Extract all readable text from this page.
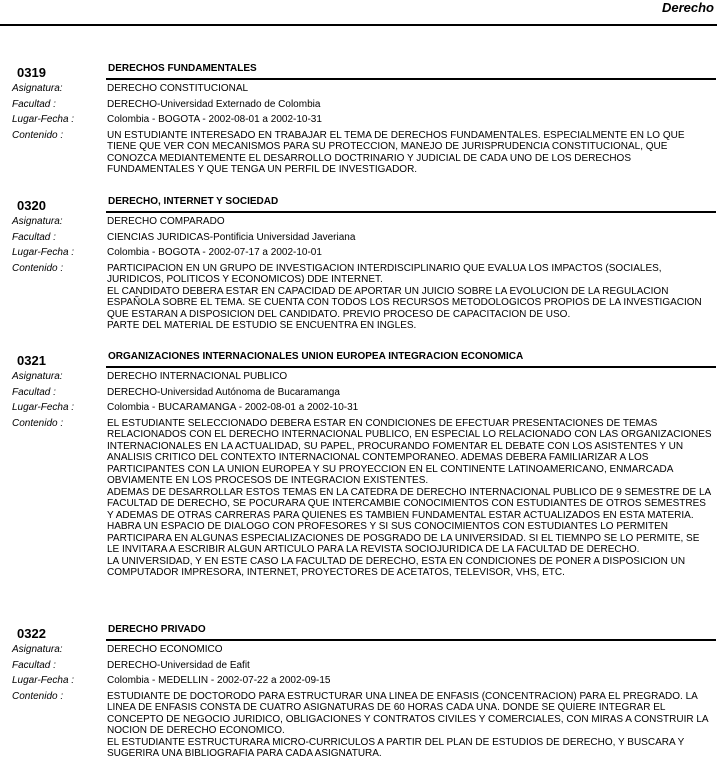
Derecho
0319	DERECHOS FUNDAMENTALES
Asignatura:	DERECHO CONSTITUCIONAL
Facultad :	DERECHO-Universidad Externado de Colombia
Lugar-Fecha :	Colombia - BOGOTA - 2002-08-01 a 2002-10-31
Contenido :	UN ESTUDIANTE INTERESADO EN TRABAJAR EL TEMA DE DERECHOS FUNDAMENTALES. ESPECIALMENTE EN LO QUE TIENE QUE VER CON MECANISMOS PARA SU PROTECCION, MANEJO DE JURISPRUDENCIA CONSTITUCIONAL, QUE CONOZCA MEDIANTEMENTE EL DESARROLLO DOCTRINARIO Y JUDICIAL DE CADA UNO DE LOS DERECHOS FUNDAMENTALES Y QUE TENGA UN PERFIL DE INVESTIGADOR.

0320	DERECHO, INTERNET Y SOCIEDAD
Asignatura:	DERECHO COMPARADO
Facultad :	CIENCIAS JURIDICAS-Pontificia Universidad Javeriana
Lugar-Fecha :	Colombia - BOGOTA - 2002-07-17 a 2002-10-01
Contenido :	PARTICIPACION EN UN GRUPO DE INVESTIGACION INTERDISCIPLINARIO QUE EVALUA LOS IMPACTOS (SOCIALES, JURIDICOS, POLITICOS Y ECONOMICOS) DDE INTERNET.

EL CANDIDATO DEBERA ESTAR EN CAPACIDAD DE APORTAR UN JUICIO SOBRE LA EVOLUCION DE LA REGULACION ESPAÑOLA SOBRE EL TEMA. SE CUENTA CON TODOS LOS RECURSOS METODOLOGICOS PROPIOS DE LA INVESTIGACION QUE ESTARAN A DISPOSICION DEL CANDIDATO. PREVIO PROCESO DE CAPACITACION DE USO.

PARTE DEL MATERIAL DE ESTUDIO SE ENCUENTRA EN INGLES.

0321	ORGANIZACIONES INTERNACIONALES UNION EUROPEA INTEGRACION ECONOMICA
Asignatura:	DERECHO INTERNACIONAL PUBLICO
Facultad :	DERECHO-Universidad Autónoma de Bucaramanga
Lugar-Fecha :	Colombia - BUCARAMANGA - 2002-08-01 a 2002-10-31
Contenido :	EL ESTUDIANTE SELECCIONADO DEBERA ESTAR EN CONDICIONES DE EFECTUAR PRESENTACIONES DE TEMAS RELACIONADOS CON EL DERECHO INTERNACIONAL PUBLICO, EN ESPECIAL LO RELACIONADO CON LAS ORGANIZACIONES INTERNACIONALES EN LA ACTUALIDAD, SU PAPEL, PROCURANDO FOMENTAR EL DEBATE CON LOS ASISTENTES Y UN ANALISIS CRITICO DEL CONTEXTO INTERNACIONAL CONTEMPORANEO. ADEMAS DEBERA FAMILIARIZAR A LOS PARTICIPANTES CON LA UNION EUROPEA Y SU PROYECCION EN EL CONTINENTE LATINOAMERICANO, ENMARCADA OBVIAMENTE EN LOS PROCESOS DE INTEGRACION EXISTENTES.

ADEMAS DE DESARROLLAR ESTOS TEMAS EN LA CATEDRA DE DERECHO INTERNACIONAL PUBLICO DE 9 SEMESTRE DE LA FACULTAD DE DERECHO, SE POCURARA QUE INTERCAMBIE CONOCIMIENTOS CON ESTUDIANTES DE OTROS SEMESTRES Y ADEMAS DE OTRAS CARRERAS PARA QUIENES ES TAMBIEN FUNDAMENTAL ESTAR ACTUALIZADOS EN ESTA MATERIA. HABRA UN ESPACIO DE DIALOGO CON PROFESORES Y SI SUS CONOCIMIENTOS CON ESTUDIANTES LO PERMITEN PARTICIPARA EN ALGUNAS ESPECIALIZACIONES DE POSGRADO DE LA UNIVERSIDAD. SI EL TIEMNPO SE LO PERMITE, SE LE INVITARA A ESCRIBIR ALGUN ARTICULO PARA LA REVISTA SOCIOJURIDICA DE LA FACULTAD DE DERECHO.

LA UNIVERSIDAD, Y EN ESTE CASO LA FACULTAD DE DERECHO, ESTA EN CONDICIONES DE PONER A DISPOSICION UN COMPUTADOR IMPRESORA, INTERNET, PROYECTORES DE ACETATOS, TELEVISOR, VHS, ETC.

0322	DERECHO PRIVADO
Asignatura:	DERECHO ECONOMICO
Facultad :	DERECHO-Universidad de Eafit
Lugar-Fecha :	Colombia - MEDELLIN - 2002-07-22 a 2002-09-15
Contenido :	ESTUDIANTE DE DOCTORODO PARA ESTRUCTURAR UNA LINEA DE ENFASIS (CONCENTRACION) PARA EL PREGRADO. LA LINEA DE ENFASIS CONSTA DE CUATRO ASIGNATURAS DE 60 HORAS CADA UNA. DONDE SE QUIERE INTEGRAR EL CONCEPTO DE NEGOCIO JURIDICO, OBLIGACIONES Y CONTRATOS CIVILES Y COMERCIALES, CON MIRAS A CONSTRUIR LA NOCION DE DERECHO ECONOMICO.

EL ESTUDIANTE ESTRUCTURARA MICRO-CURRICULOS A PARTIR DEL PLAN DE ESTUDIOS DE DERECHO, Y BUSCARA Y SUGERIRA UNA BIBLIOGRAFIA PARA CADA ASIGNATURA.
